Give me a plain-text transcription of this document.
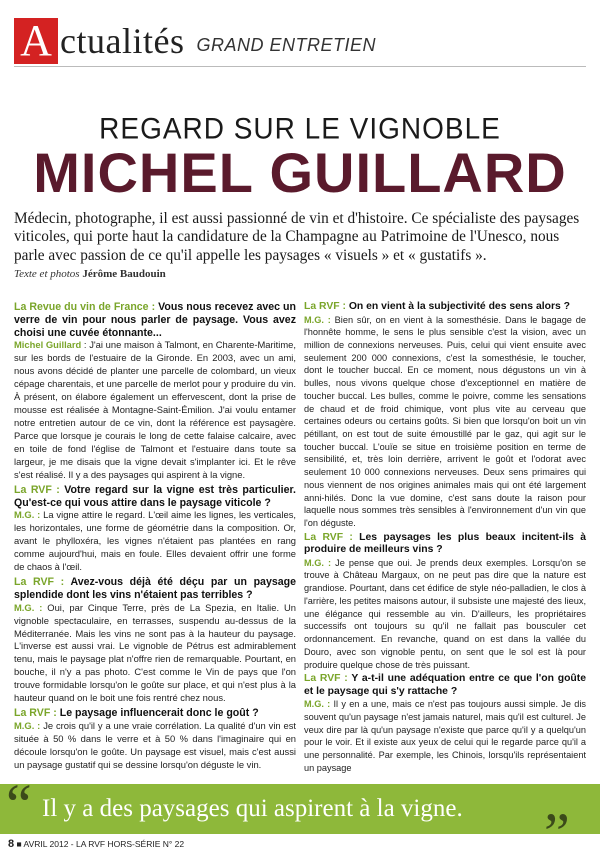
A ctualités GRAND ENTRETIEN
REGARD SUR LE VIGNOBLE
MICHEL GUILLARD
Médecin, photographe, il est aussi passionné de vin et d'histoire. Ce spécialiste des paysages viticoles, qui porte haut la candidature de la Champagne au Patrimoine de l'Unesco, nous parle avec passion de ce qu'il appelle les paysages « visuels » et « gustatifs ».
Texte et photos Jérôme Baudouin

La Revue du vin de France : Vous nous recevez avec un verre de vin pour nous parler de paysage. Vous avez choisi une cuvée étonnante...

Michel Guillard : J'ai une maison à Talmont, en Charente-Maritime, sur les bords de l'estuaire de la Gironde. En 2003, avec un ami, nous avons décidé de planter une parcelle de colombard, un vieux cépage charentais, et une parcelle de merlot pour y produire du vin. À présent, on élabore également un effervescent, dont la prise de mousse est réalisée à Montagne-Saint-Émilion. J'ai voulu entamer notre entretien autour de ce vin, dont la référence est paysagère. Parce que lorsque je courais le long de cette falaise calcaire, avec en toile de fond l'église de Talmont et l'estuaire dans toute sa largeur, je me disais que la vigne devait s'implanter ici. Et le rêve s'est réalisé. Il y a des paysages qui aspirent à la vigne.

La RVF : Votre regard sur la vigne est très particulier. Qu'est-ce qui vous attire dans le paysage viticole ?

M.G. : La vigne attire le regard. L'œil aime les lignes, les verticales, les horizontales, une forme de géométrie dans la composition. Or, avant le phylloxéra, les vignes n'étaient pas plantées en rang comme aujourd'hui, mais en foule. Elles devaient offrir une forme de chaos à l'œil.

La RVF : Avez-vous déjà été déçu par un paysage splendide dont les vins n'étaient pas terribles ?

M.G. : Oui, par Cinque Terre, près de La Spezia, en Italie. Un vignoble spectaculaire, en terrasses, suspendu au-dessus de la Méditerranée. Mais les vins ne sont pas à la hauteur du paysage. L'inverse est aussi vrai. Le vignoble de Pétrus est admirablement tenu, mais le paysage plat n'offre rien de remarquable. Pourtant, en bouche, il n'y a pas photo. C'est comme le Vin de pays que l'on trouve formidable lorsqu'on le goûte sur place, et qui n'est plus à la hauteur quand on le boit une fois rentré chez nous.

La RVF : Le paysage influencerait donc le goût ?

M.G. : Je crois qu'il y a une vraie corrélation. La qualité d'un vin est située à 50 % dans le verre et à 50 % dans l'imaginaire qui en découle lorsqu'on le goûte. Un paysage est visuel, mais c'est aussi un paysage gustatif qui se dessine lorsqu'on déguste le vin.

La RVF : On en vient à la subjectivité des sens alors ?

M.G. : Bien sûr, on en vient à la somesthésie. Dans le bagage de l'honnête homme, le sens le plus sensible c'est la vision, avec un million de connexions nerveuses. Puis, celui qui vient ensuite avec seulement 200 000 connexions, c'est la somesthésie, le toucher, dont le toucher buccal. En ce moment, nous dégustons un vin à bulles, nous vivons quelque chose d'exceptionnel en matière de toucher buccal. Les bulles, comme le poivre, comme les sensations de chaud et de froid chimique, vont plus vite au cerveau que certaines odeurs ou certains goûts. Si bien que lorsqu'on boit un vin pétillant, on est tout de suite émoustillé par le gaz, qui agit sur le toucher buccal. L'ouïe se situe en troisième position en terme de sensibilité, et, très loin derrière, arrivent le goût et l'odorat avec seulement 10 000 connexions nerveuses. Deux sens primaires qui nous viennent de nos origines animales mais qui ont été largement anni-hilés. Donc la vue domine, c'est sans doute la raison pour laquelle nous sommes très sensibles à l'environnement d'un vin que l'on déguste.

La RVF : Les paysages les plus beaux incitent-ils à produire de meilleurs vins ?

M.G. : Je pense que oui. Je prends deux exemples. Lorsqu'on se trouve à Château Margaux, on ne peut pas dire que la nature est grandiose. Pourtant, dans cet édifice de style néo-palladien, le clos à l'arrière, les petites maisons autour, il subsiste une majesté des lieux, une élégance qui ressemble au vin. D'ailleurs, les propriétaires successifs ont toujours su qu'il ne fallait pas bousculer cet ordonnancement. En revanche, quand on est dans la vallée du Douro, avec son vignoble pentu, on sent que le sol est là pour produire quelque chose de très puissant.

La RVF : Y a-t-il une adéquation entre ce que l'on goûte et le paysage qui s'y rattache ?

M.G. : Il y en a une, mais ce n'est pas toujours aussi simple. Je dis souvent qu'un paysage n'est jamais naturel, mais qu'il est culturel. Je veux dire par là qu'un paysage n'existe que parce qu'il y a quelqu'un pour le voir. Et il existe aux yeux de celui qui le regarde parce qu'il a une personnalité. Par exemple, les Chinois, lorsqu'ils représentaient un paysage

“ Il y a des paysages qui aspirent à la vigne.	”
8 ■ AVRIL 2012 - LA RVF HORS-SÉRIE N° 22
